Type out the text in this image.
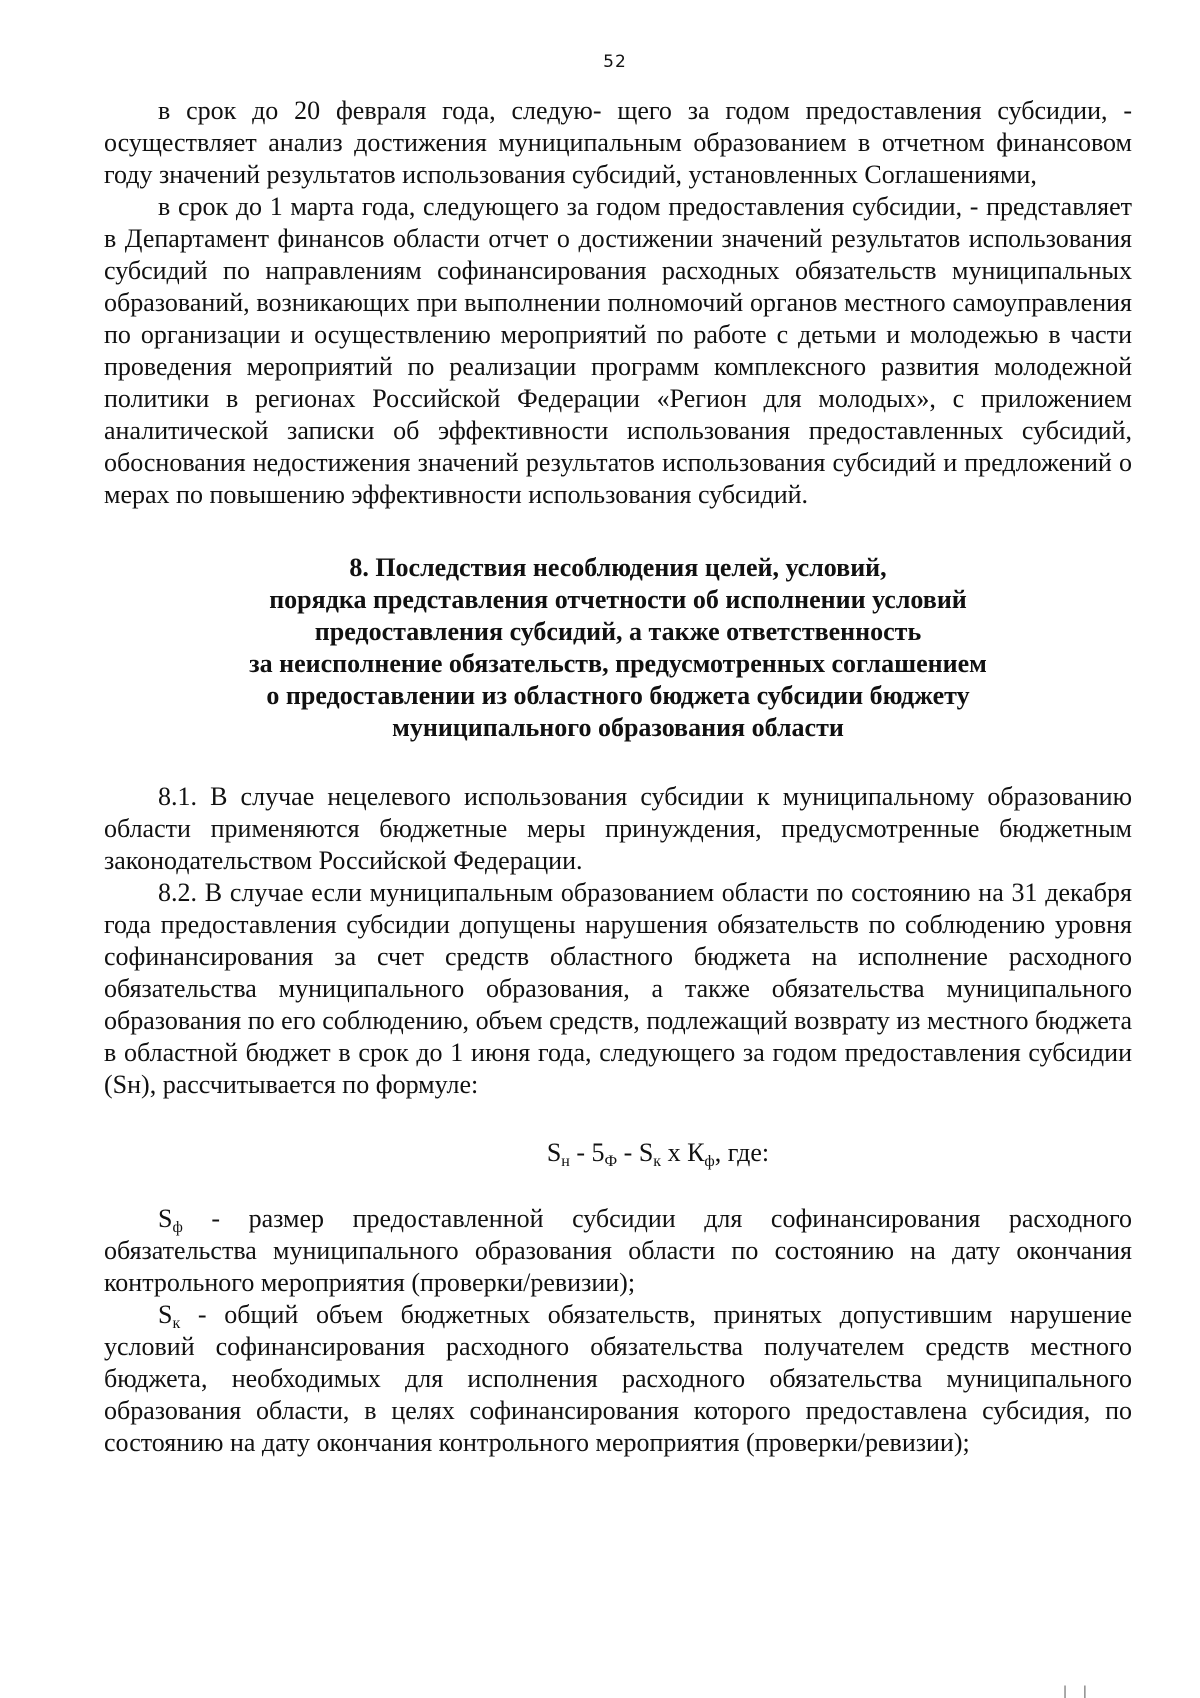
52

в срок до 20 февраля года, следую- щего за годом предоставления субсидии, - осуществляет анализ достижения муниципальным образованием в отчетном финансовом году значений результатов использования субсидий, установленных Соглашениями,

в срок до 1 марта года, следующего за годом предоставления субсидии, - представляет в Департамент финансов области отчет о достижении значений результатов использования субсидий по направлениям софинансирования расходных обязательств муниципальных образований, возникающих при выполнении полномочий органов местного самоуправления по организации и осуществлению мероприятий по работе с детьми и молодежью в части проведения мероприятий по реализации программ комплексного развития молодежной политики в регионах Российской Федерации «Регион для молодых», с приложением аналитической записки об эффективности использования предоставленных субсидий, обоснования недостижения значений результатов использования субсидий и предложений о мерах по повышению эффективности использования субсидий.

8. Последствия несоблюдения целей, условий,
порядка представления отчетности об исполнении условий
предоставления субсидий, а также ответственность
за неисполнение обязательств, предусмотренных соглашением
о предоставлении из областного бюджета субсидии бюджету
муниципального образования области

8.1. В случае нецелевого использования субсидии к муниципальному образованию области применяются бюджетные меры принуждения, предусмотренные бюджетным законодательством Российской Федерации.

8.2. В случае если муниципальным образованием области по состоянию на 31 декабря года предоставления субсидии допущены нарушения обязательств по соблюдению уровня софинансирования за счет средств областного бюджета на исполнение расходного обязательства муниципального образования, а также обязательства муниципального образования по его соблюдению, объем средств, подлежащий возврату из местного бюджета в областной бюджет в срок до 1 июня года, следующего за годом предоставления субсидии (Sн), рассчитывается по формуле:

$S_н - 5_Ф - S_к$ х $К_ф$, где:

$S_ф$ - размер предоставленной субсидии для софинансирования расходного обязательства муниципального образования области по состоянию на дату окончания контрольного мероприятия (проверки/ревизии);

$S_к$ - общий объем бюджетных обязательств, принятых допустившим нарушение условий софинансирования расходного обязательства получателем средств местного бюджета, необходимых для исполнения расходного обязательства муниципального образования области, в целях софинансирования которого предоставлена субсидия, по состоянию на дату окончания контрольного мероприятия (проверки/ревизии);

| |
